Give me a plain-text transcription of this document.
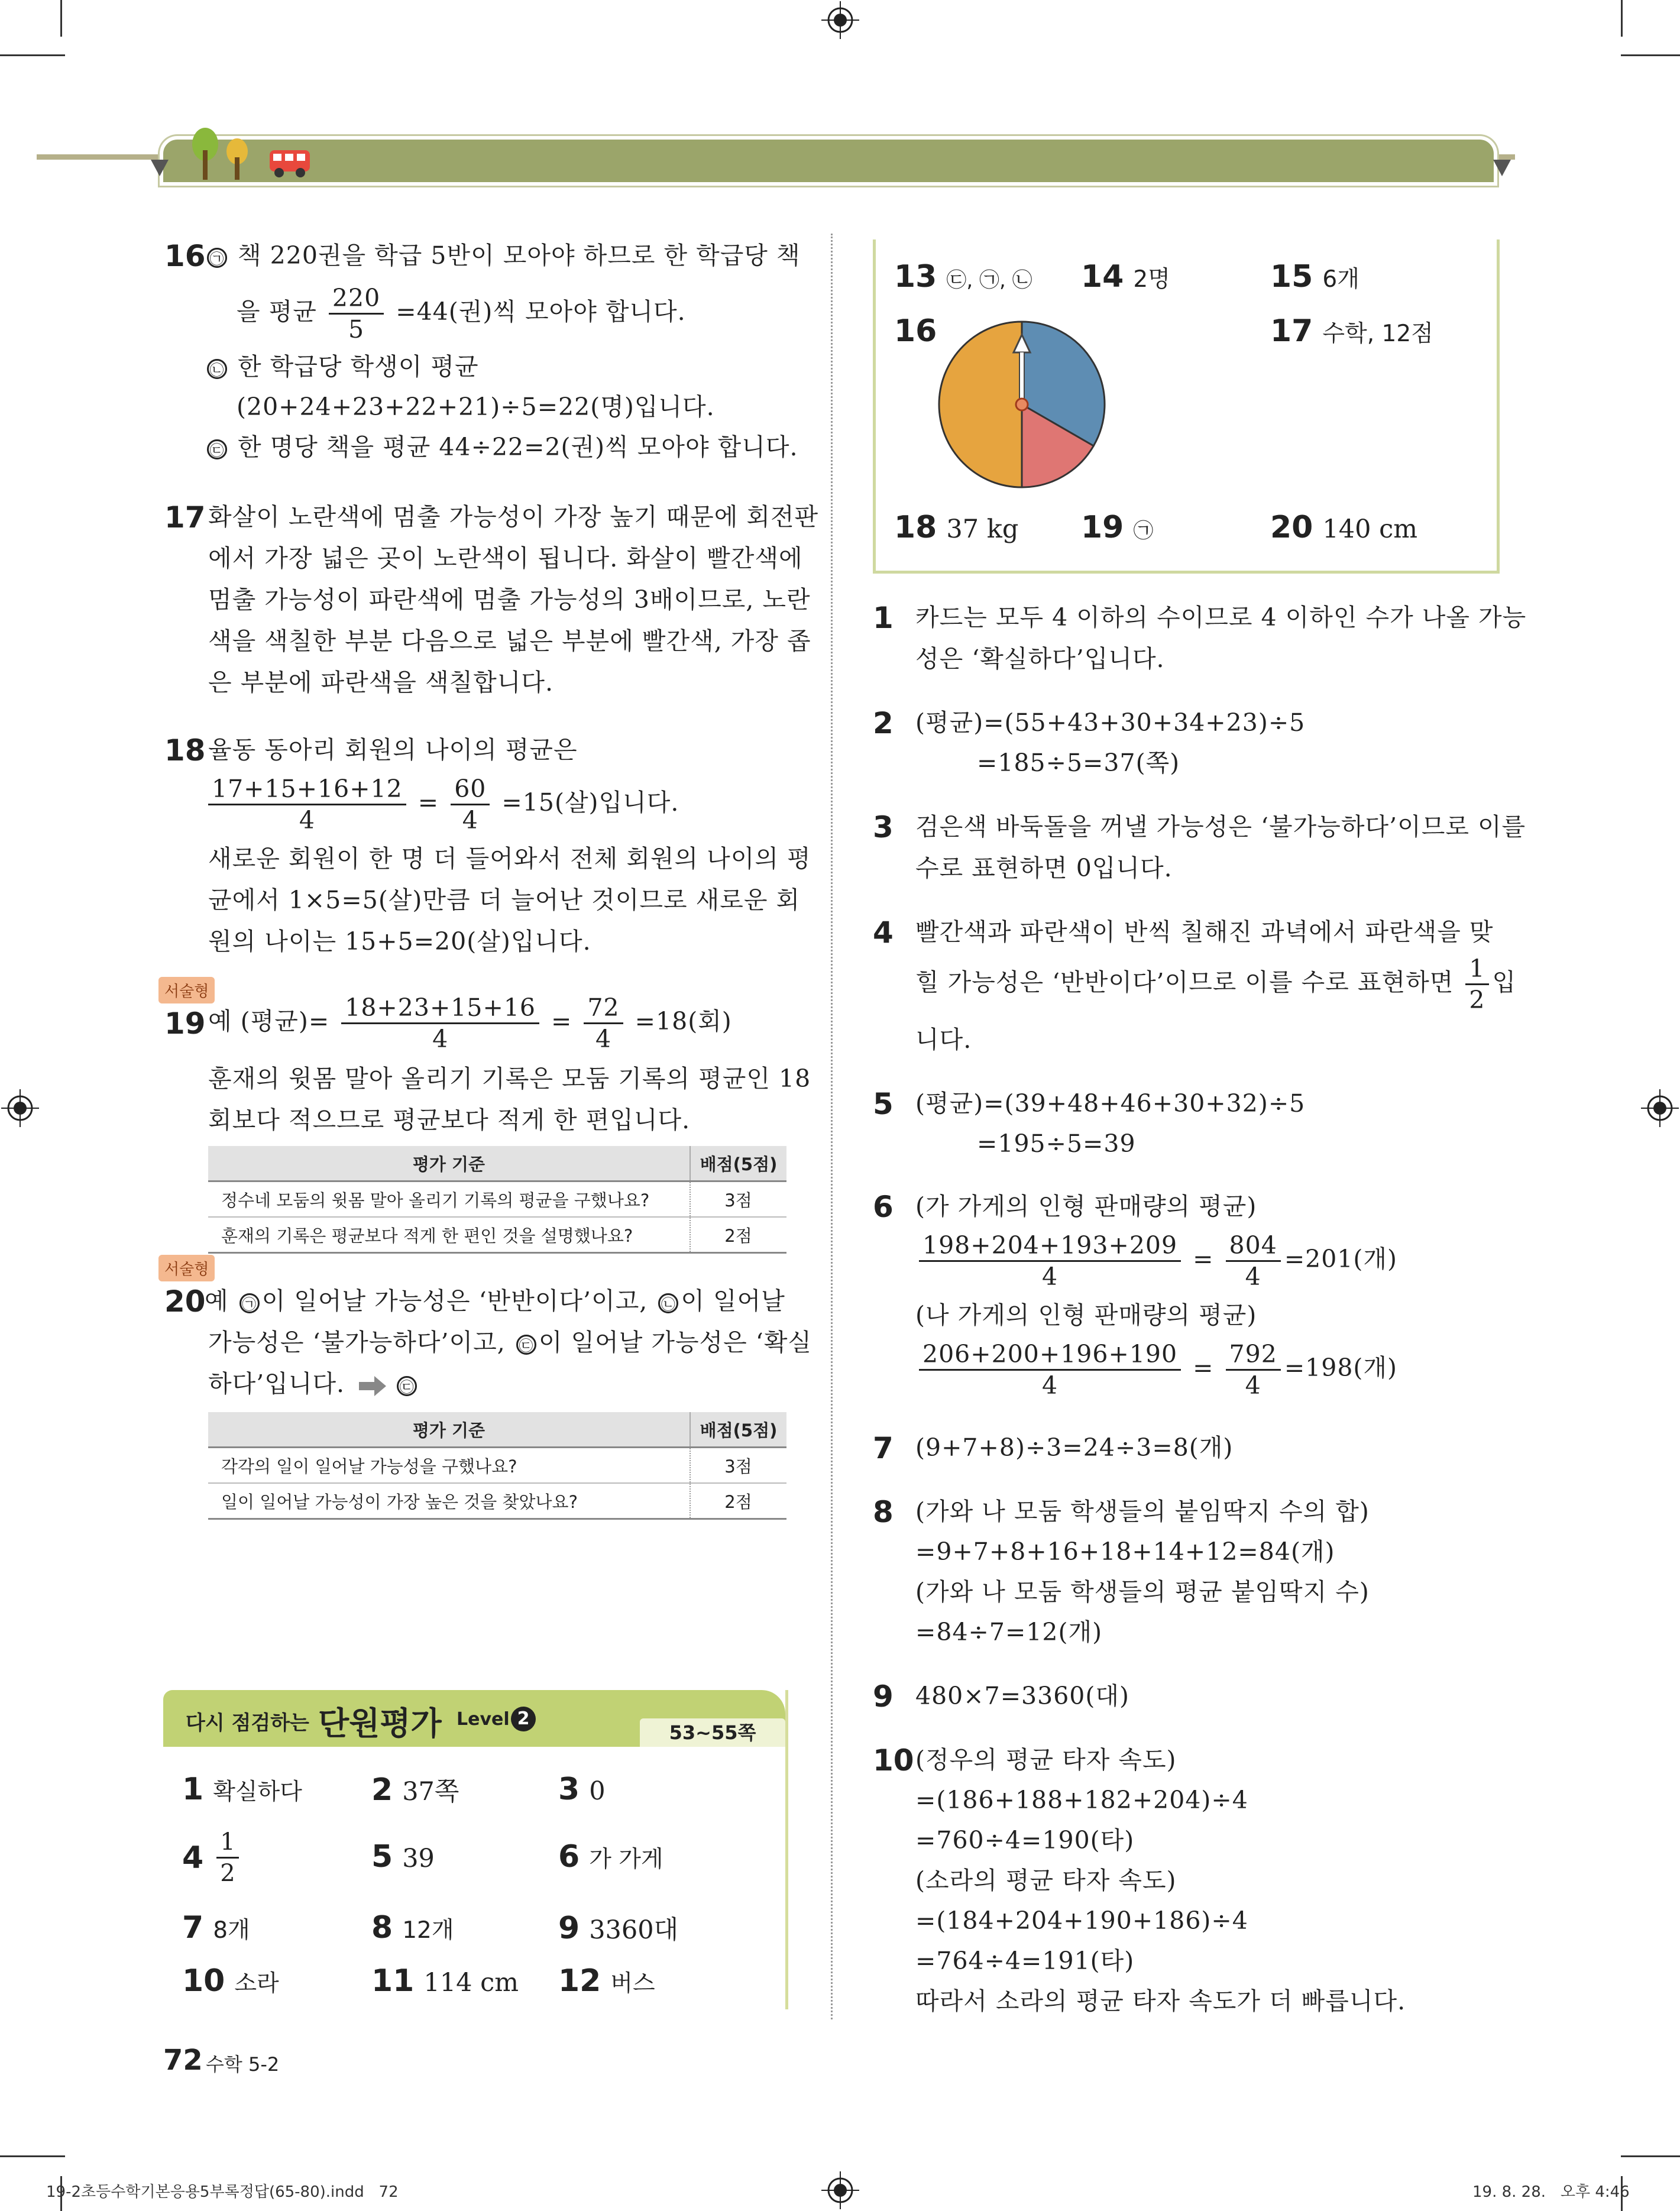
16 ㉠ 책 220권을 학급 5반이 모아야 하므로 한 학급당 책
을 평균 $\frac{220}{5} =44$(권)씩 모아야 합니다.
㉡ 한 학급당 학생이 평균
(20+24+23+22+21)÷5=22(명)입니다.
㉢ 한 명당 책을 평균 44÷22=2(권)씩 모아야 합니다.
17 화살이 노란색에 멈출 가능성이 가장 높기 때문에 회전판
에서 가장 넓은 곳이 노란색이 됩니다. 화살이 빨간색에
멈출 가능성이 파란색에 멈출 가능성의 3배이므로, 노란
색을 색칠한 부분 다음으로 넓은 부분에 빨간색, 가장 좁
은 부분에 파란색을 색칠합니다.
18 율동 동아리 회원의 나이의 평균은
$\frac{17+15+16+12}{4} = \frac{60}{4} =15$(살)입니다.
새로운 회원이 한 명 더 들어와서 전체 회원의 나이의 평
균에서 1×5=5(살)만큼 더 늘어난 것이므로 새로운 회
원의 나이는 15+5=20(살)입니다.
서술형
19 예 (평균)= $\frac{18+23+15+16}{4} = \frac{72}{4} =18$(회)
훈재의 윗몸 말아 올리기 기록은 모둠 기록의 평균인 18
회보다 적으므로 평균보다 적게 한 편입니다.
평가 기준	배점(5점)
정수네 모둠의 윗몸 말아 올리기 기록의 평균을 구했나요?	3점
훈재의 기록은 평균보다 적게 한 편인 것을 설명했나요?	2점
서술형
20
예 ㉠ 이 일어날 가능성은 ‘반반이다’이고, ㉡ 이 일어날
가능성은 ‘불가능하다’이고, ㉢ 이 일어날 가능성은 ‘확실
하다’입니다.	㉢
평가 기준	배점(5점)
각각의 일이 일어날 가능성을 구했나요?	3점
일이 일어날 가능성이 가장 높은 것을 찾았나요?	2점
다시 점검하는 단원평가 Level 2
53~55쪽
1 확실하다 2 37쪽	3 0
$4 \frac{1}{2}$	5 39	6 가 가게
7 8개	8 12개	9 3360대
10 소라	11 114 cm 12 버스
72 수학 5-2
13 ㉢, ㉠, ㉡ 14 2명	15 6개
16	17 수학, 12점
18 37 kg 19 ㉠	20 140 cm
1 카드는 모두 4 이하의 수이므로 4 이하인 수가 나올 가능
성은 ‘확실하다’입니다.
2 (평균)=(55+43+30+34+23)÷5
=185÷5=37(쪽)
3 검은색 바둑돌을 꺼낼 가능성은 ‘불가능하다’이므로 이를
수로 표현하면 0입니다.
4 빨간색과 파란색이 반씩 칠해진 과녁에서 파란색을 맞
힐 가능성은 ‘반반이다’이므로 이를 수로 표현하면 $\frac{1}{2}$ 입
니다.
5 (평균)=(39+48+46+30+32)÷5
=195÷5=39
6 (가 가게의 인형 판매량의 평균)
$\frac{198+204+193+209}{4} = \frac{804}{4} =201$(개)
(나 가게의 인형 판매량의 평균)
$\frac{206+200+196+190}{4} = \frac{792}{4} =198$(개)
7 (9+7+8)÷3=24÷3=8(개)
8 (가와 나 모둠 학생들의 붙임딱지 수의 합)
=9+7+8+16+18+14+12=84(개)
(가와 나 모둠 학생들의 평균 붙임딱지 수)
=84÷7=12(개)
9 480×7=3360(대)
10 (정우의 평균 타자 속도)
=(186+188+182+204)÷4
=760÷4=190(타)
(소라의 평균 타자 속도)
=(184+204+190+186)÷4
=764÷4=191(타)
따라서 소라의 평균 타자 속도가 더 빠릅니다.
19-2초등수학기본응용5부록정답(65-80).indd   72	19. 8. 28.   오후 4:46
